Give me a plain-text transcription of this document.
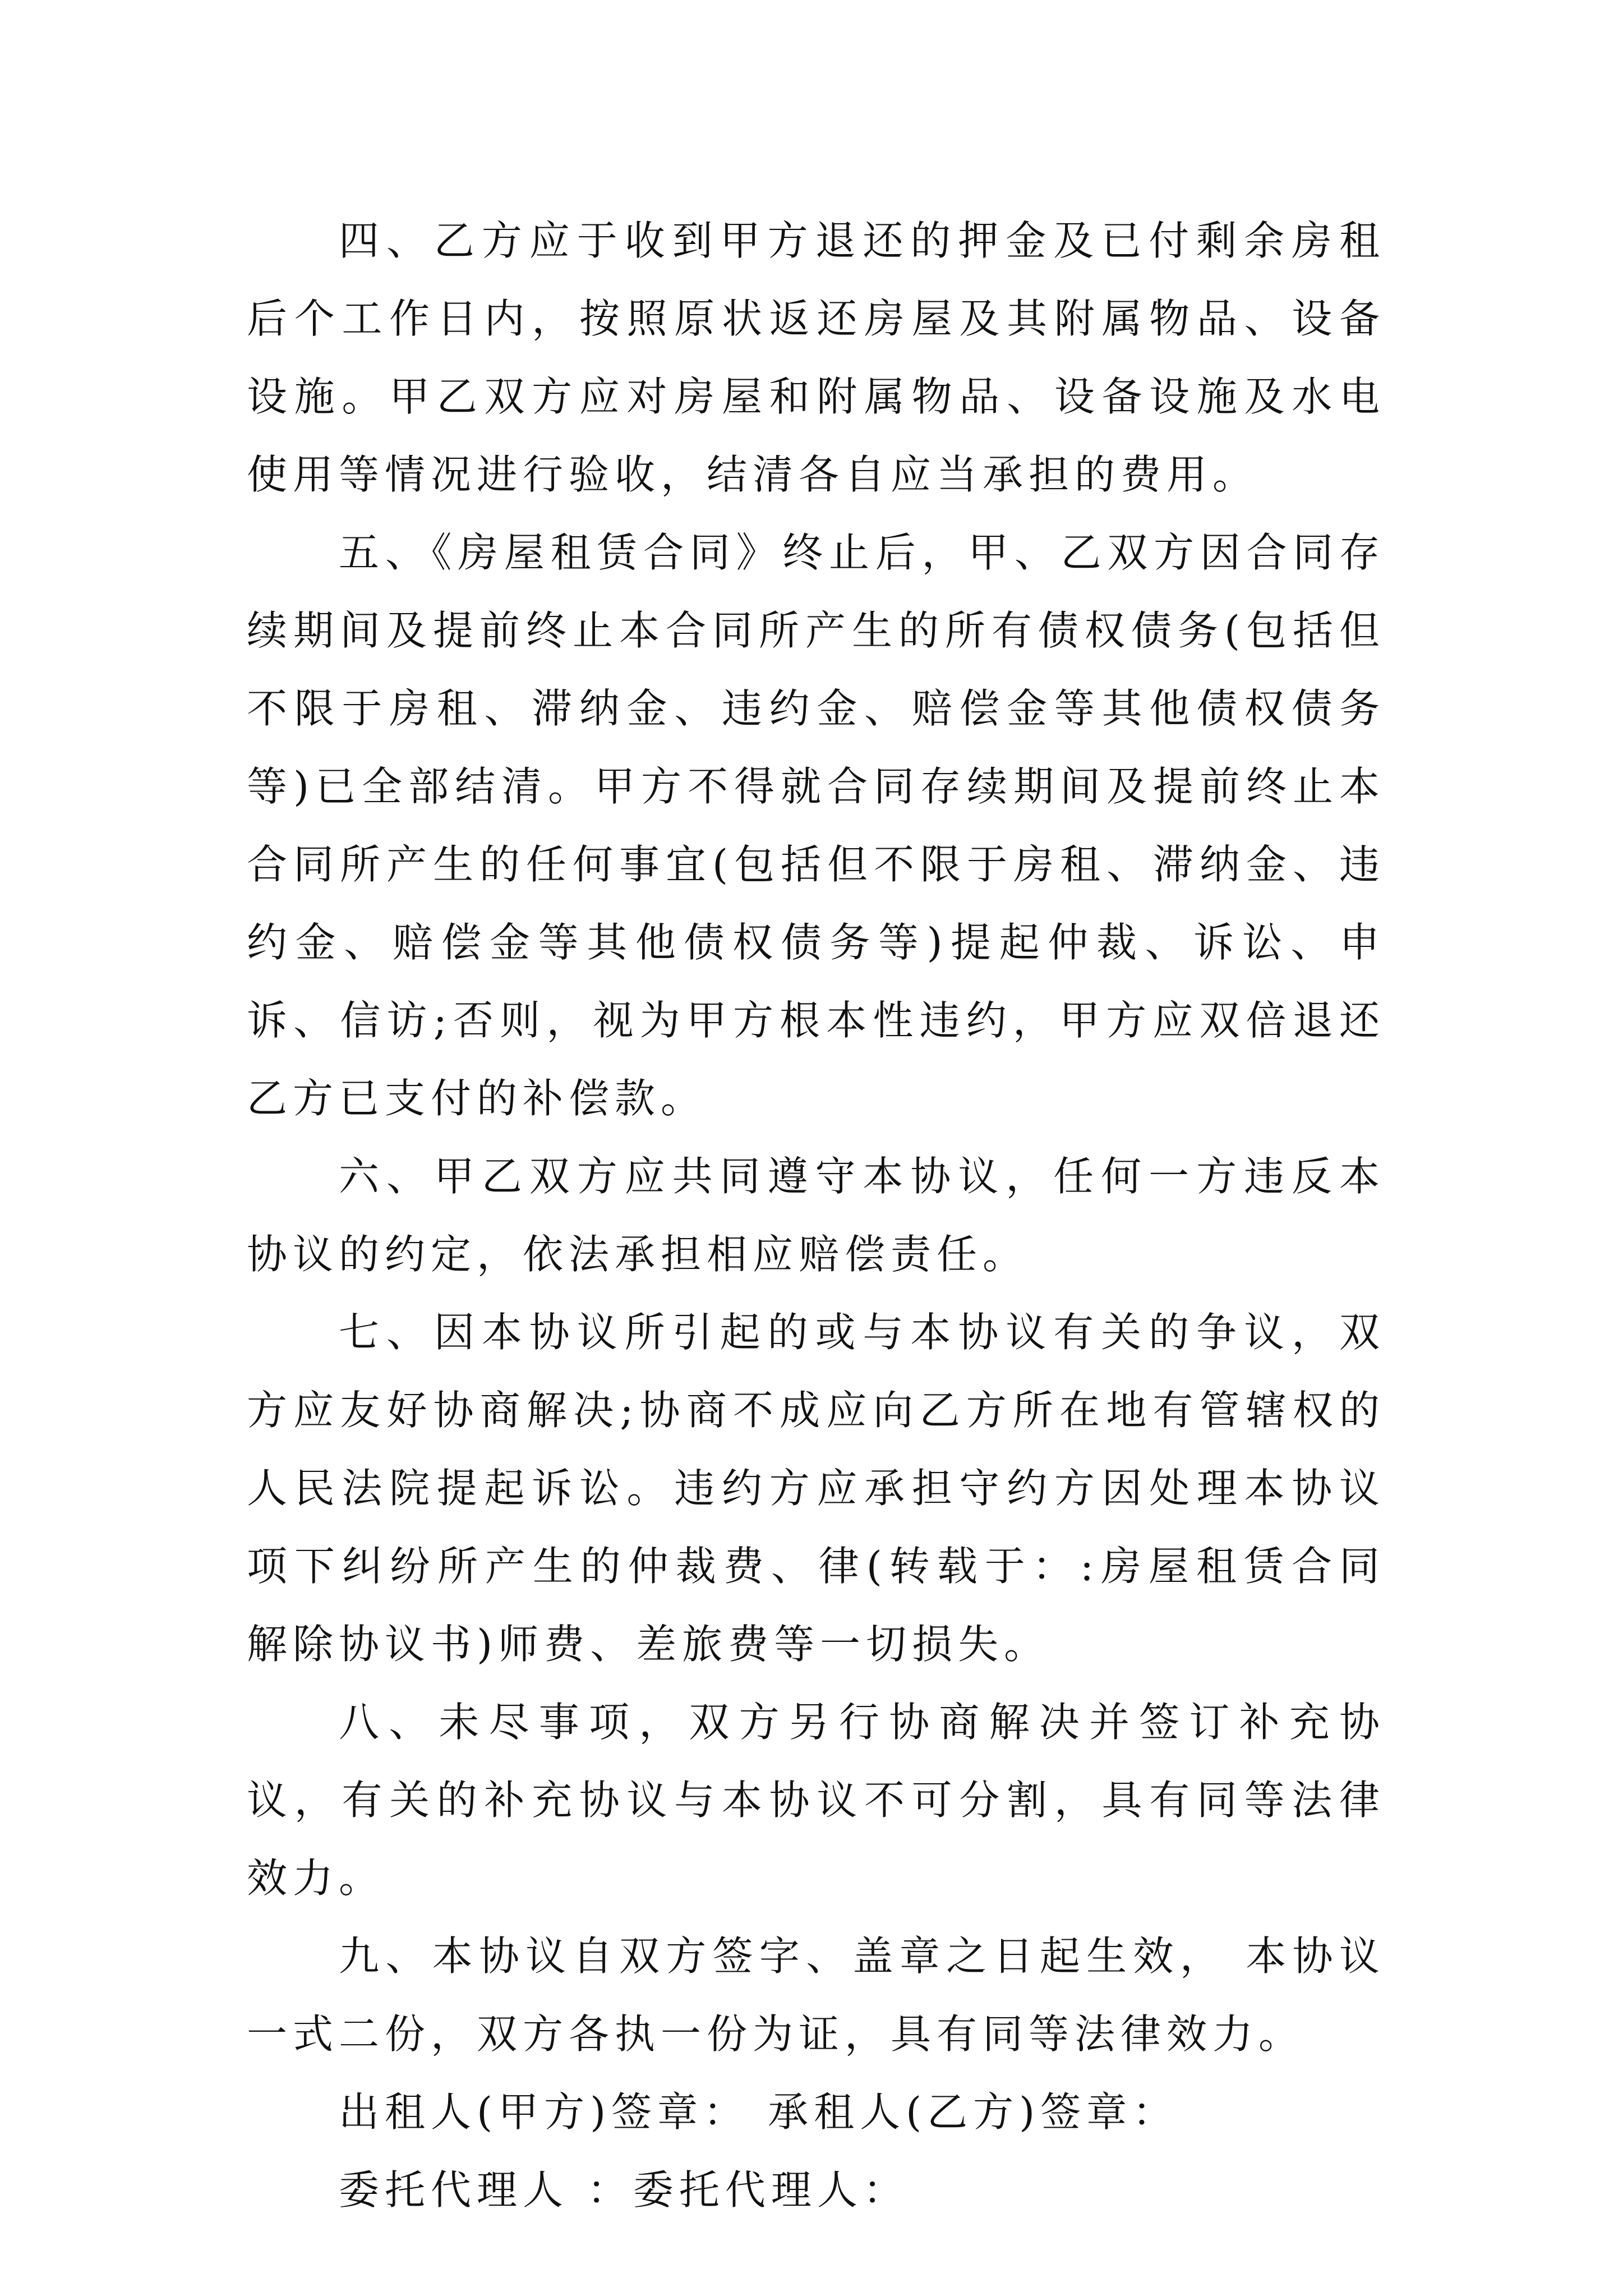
四、乙方应于收到甲方退还的押金及已付剩余房租后个工作日内，按照原状返还房屋及其附属物品、设备设施。甲乙双方应对房屋和附属物品、设备设施及水电使用等情况进行验收，结清各自应当承担的费用。

五、《房屋租赁合同》终止后，甲、乙双方因合同存续期间及提前终止本合同所产生的所有债权债务(包括但不限于房租、滞纳金、违约金、赔偿金等其他债权债务等)已全部结清。甲方不得就合同存续期间及提前终止本合同所产生的任何事宜(包括但不限于房租、滞纳金、违约金、赔偿金等其他债权债务等)提起仲裁、诉讼、申诉、信访;否则，视为甲方根本性违约，甲方应双倍退还乙方已支付的补偿款。

六、甲乙双方应共同遵守本协议，任何一方违反本协议的约定，依法承担相应赔偿责任。

七、因本协议所引起的或与本协议有关的争议，双方应友好协商解决;协商不成应向乙方所在地有管辖权的人民法院提起诉讼。违约方应承担守约方因处理本协议项下纠纷所产生的仲裁费、律(转载于：:房屋租赁合同解除协议书)师费、差旅费等一切损失。

八、未尽事项，双方另行协商解决并签订补充协议，有关的补充协议与本协议不可分割，具有同等法律效力。

九、本协议自双方签字、盖章之日起生效， 本协议一式二份，双方各执一份为证，具有同等法律效力。

出租人(甲方)签章： 承租人(乙方)签章：

委托代理人 ：委托代理人：
